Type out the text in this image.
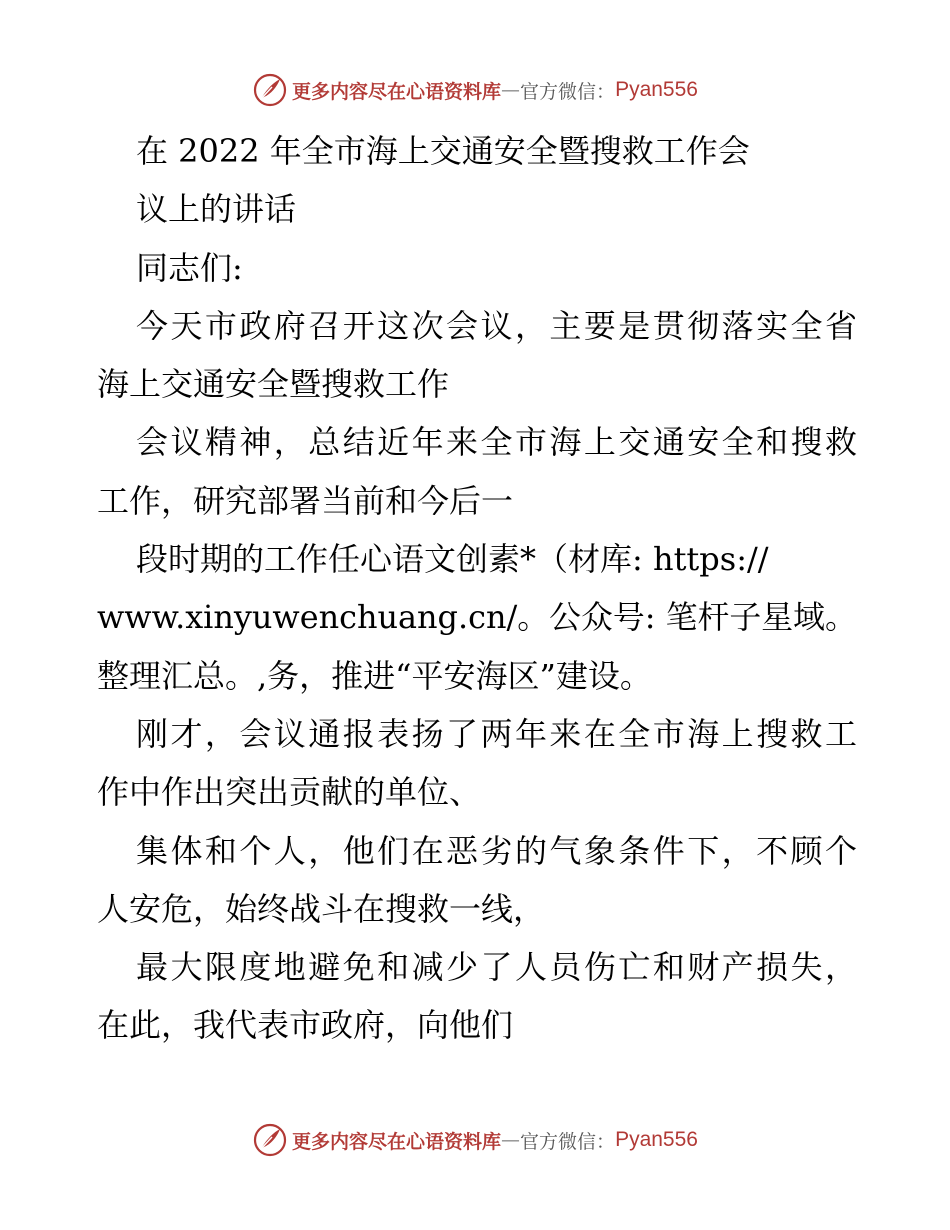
更多内容尽在心语资料库 — 官方微信： Pyan556
在 2022 年全市海上交通安全暨搜救工作会
议上的讲话
同志们:
今天市政府召开这次会议，主要是贯彻落实全省
海上交通安全暨搜救工作
会议精神，总结近年来全市海上交通安全和搜救
工作，研究部署当前和今后一
段时期的工作任心语文创素*（材库: https://
www.xinyuwenchuang.cn/。公众号: 笔杆子星域。
整理汇总。,务，推进“平安海区”建设。
刚才，会议通报表扬了两年来在全市海上搜救工
作中作出突出贡献的单位、
集体和个人，他们在恶劣的气象条件下，不顾个
人安危，始终战斗在搜救一线，
最大限度地避免和减少了人员伤亡和财产损失，
在此，我代表市政府，向他们
更多内容尽在心语资料库 — 官方微信： Pyan556
